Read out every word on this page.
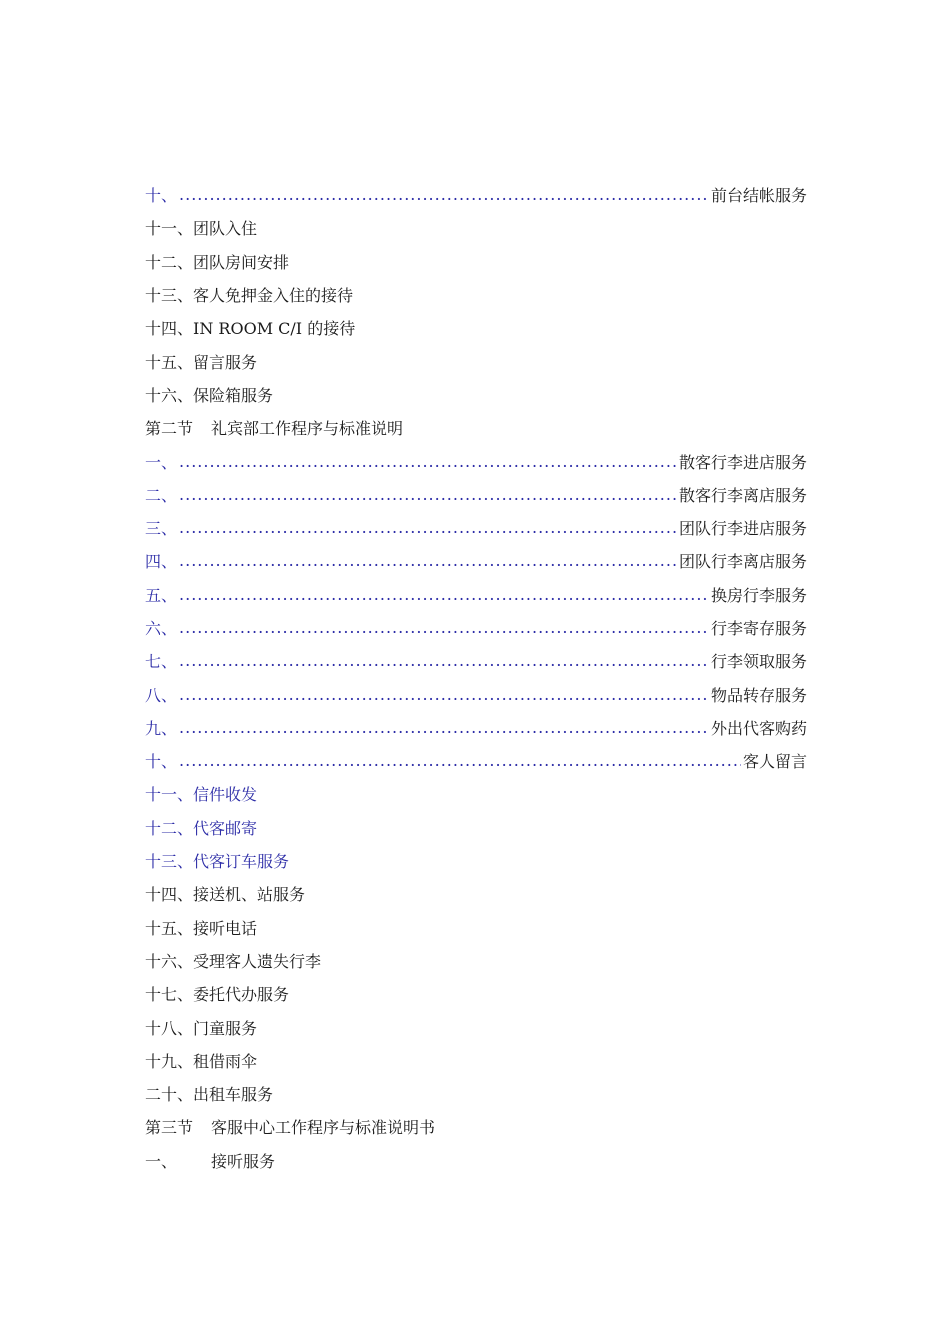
十、 .....	前台结帐服务
十一、团队入住
十二、团队房间安排
十三、客人免押金入住的接待
十四、IN ROOM C/I 的接待
十五、留言服务
十六、保险箱服务
第二节 礼宾部工作程序与标准说明
一、 .....	散客行李进店服务
二、 .....	散客行李离店服务
三、 .....	团队行李进店服务
四、 .....	团队行李离店服务
五、 .....	换房行李服务
六、 .....	行李寄存服务
七、 .....	行李领取服务
八、 .....	物品转存服务
九、 .....	外出代客购药
十、 .....	客人留言
十一、信件收发
十二、代客邮寄
十三、代客订车服务
十四、接送机、站服务
十五、接听电话
十六、受理客人遗失行李
十七、委托代办服务
十八、门童服务
十九、租借雨伞
二十、出租车服务
第三节 客服中心工作程序与标准说明书
一、 接听服务
